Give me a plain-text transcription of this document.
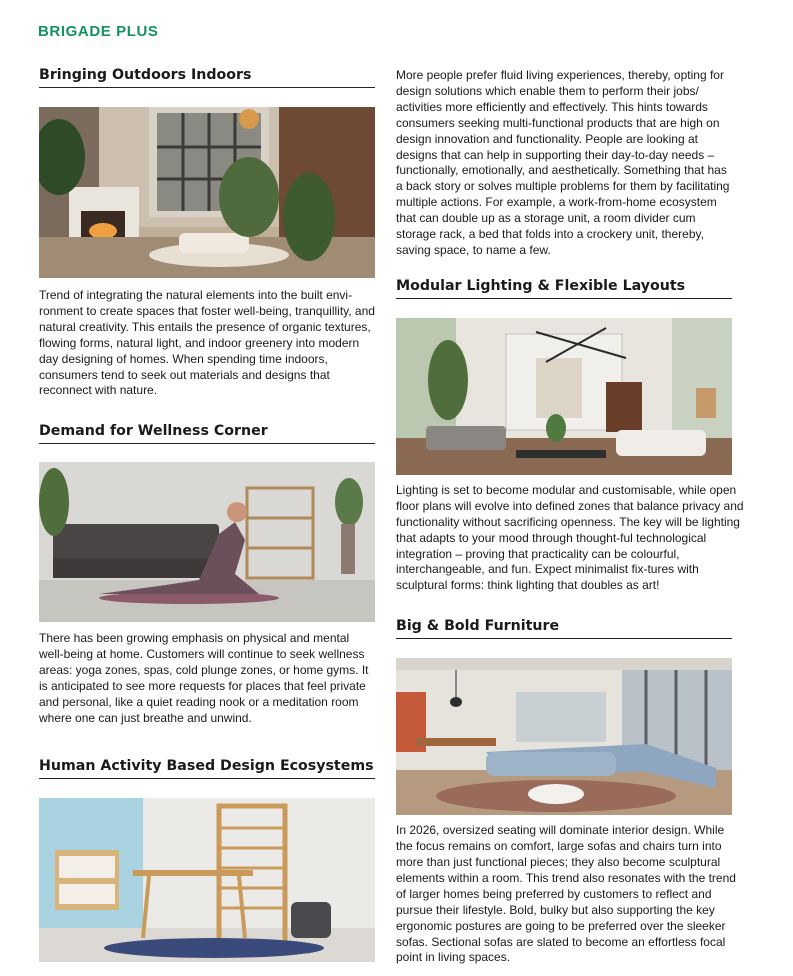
BRIGADE PLUS
Bringing Outdoors Indoors

Trend of integrating the natural elements into the built envi-ronment to create spaces that foster well-being, tranquillity, and natural creativity. This entails the presence of organic textures, flowing forms, natural light, and indoor greenery into modern day designing of homes. When spending time indoors, consumers tend to seek out materials and designs that reconnect with nature.

Demand for Wellness Corner

There has been growing emphasis on physical and mental well-being at home. Customers will continue to seek wellness areas: yoga zones, spas, cold plunge zones, or home gyms. It is anticipated to see more requests for places that feel private and personal, like a quiet reading nook or a meditation room where one can just breathe and unwind.

Human Activity Based Design Ecosystems

More people prefer fluid living experiences, thereby, opting for design solutions which enable them to perform their jobs/ activities more efficiently and effectively. This hints towards consumers seeking multi-functional products that are high on design innovation and functionality. People are looking at designs that can help in supporting their day-to-day needs – functionally, emotionally, and aesthetically. Something that has a back story or solves multiple problems for them by facilitating multiple actions. For example, a work-from-home ecosystem that can double up as a storage unit, a room divider cum storage rack, a bed that folds into a crockery unit, thereby, saving space, to name a few.

Modular Lighting & Flexible Layouts

Lighting is set to become modular and customisable, while open floor plans will evolve into defined zones that balance privacy and functionality without sacrificing openness. The key will be lighting that adapts to your mood through thought-ful technological integration – proving that practicality can be colourful, interchangeable, and fun. Expect minimalist fix-tures with sculptural forms: think lighting that doubles as art!

Big & Bold Furniture

In 2026, oversized seating will dominate interior design. While the focus remains on comfort, large sofas and chairs turn into more than just functional pieces; they also become sculptural elements within a room. This trend also resonates with the trend of larger homes being preferred by customers to reflect and pursue their lifestyle. Bold, bulky but also supporting the key ergonomic postures are going to be preferred over the sleeker sofas. Sectional sofas are slated to become an effortless focal point in living spaces.
